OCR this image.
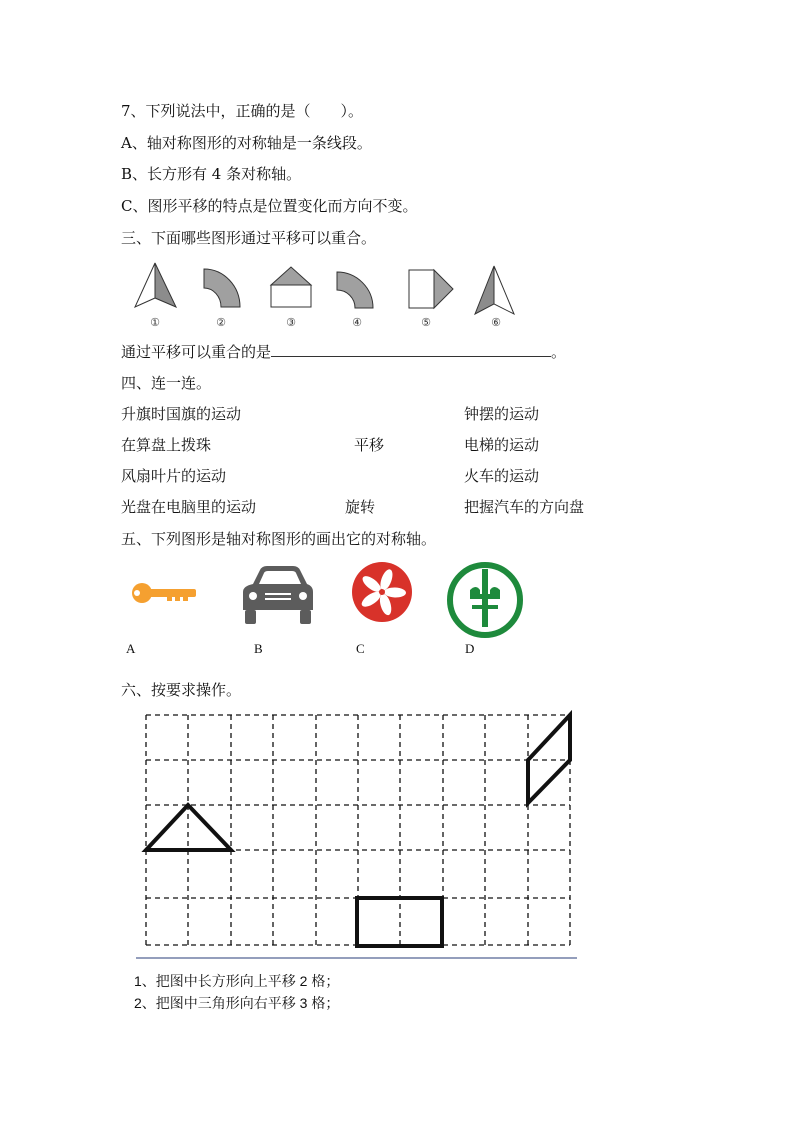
7、下列说法中，正确的是（　　）。
A、轴对称图形的对称轴是一条线段。
B、长方形有 4 条对称轴。
C、图形平移的特点是位置变化而方向不变。
三、下面哪些图形通过平移可以重合。
①	②	③	④	⑤	⑥
通过平移可以重合的是	。
四、连一连。
升旗时国旗的运动
在算盘上拨珠
风扇叶片的运动
光盘在电脑里的运动
平移
旋转
钟摆的运动
电梯的运动
火车的运动
把握汽车的方向盘
五、下列图形是轴对称图形的画出它的对称轴。
A	B	C	D
六、按要求操作。
1、把图中长方形向上平移 2 格；
2、把图中三角形向右平移 3 格；
